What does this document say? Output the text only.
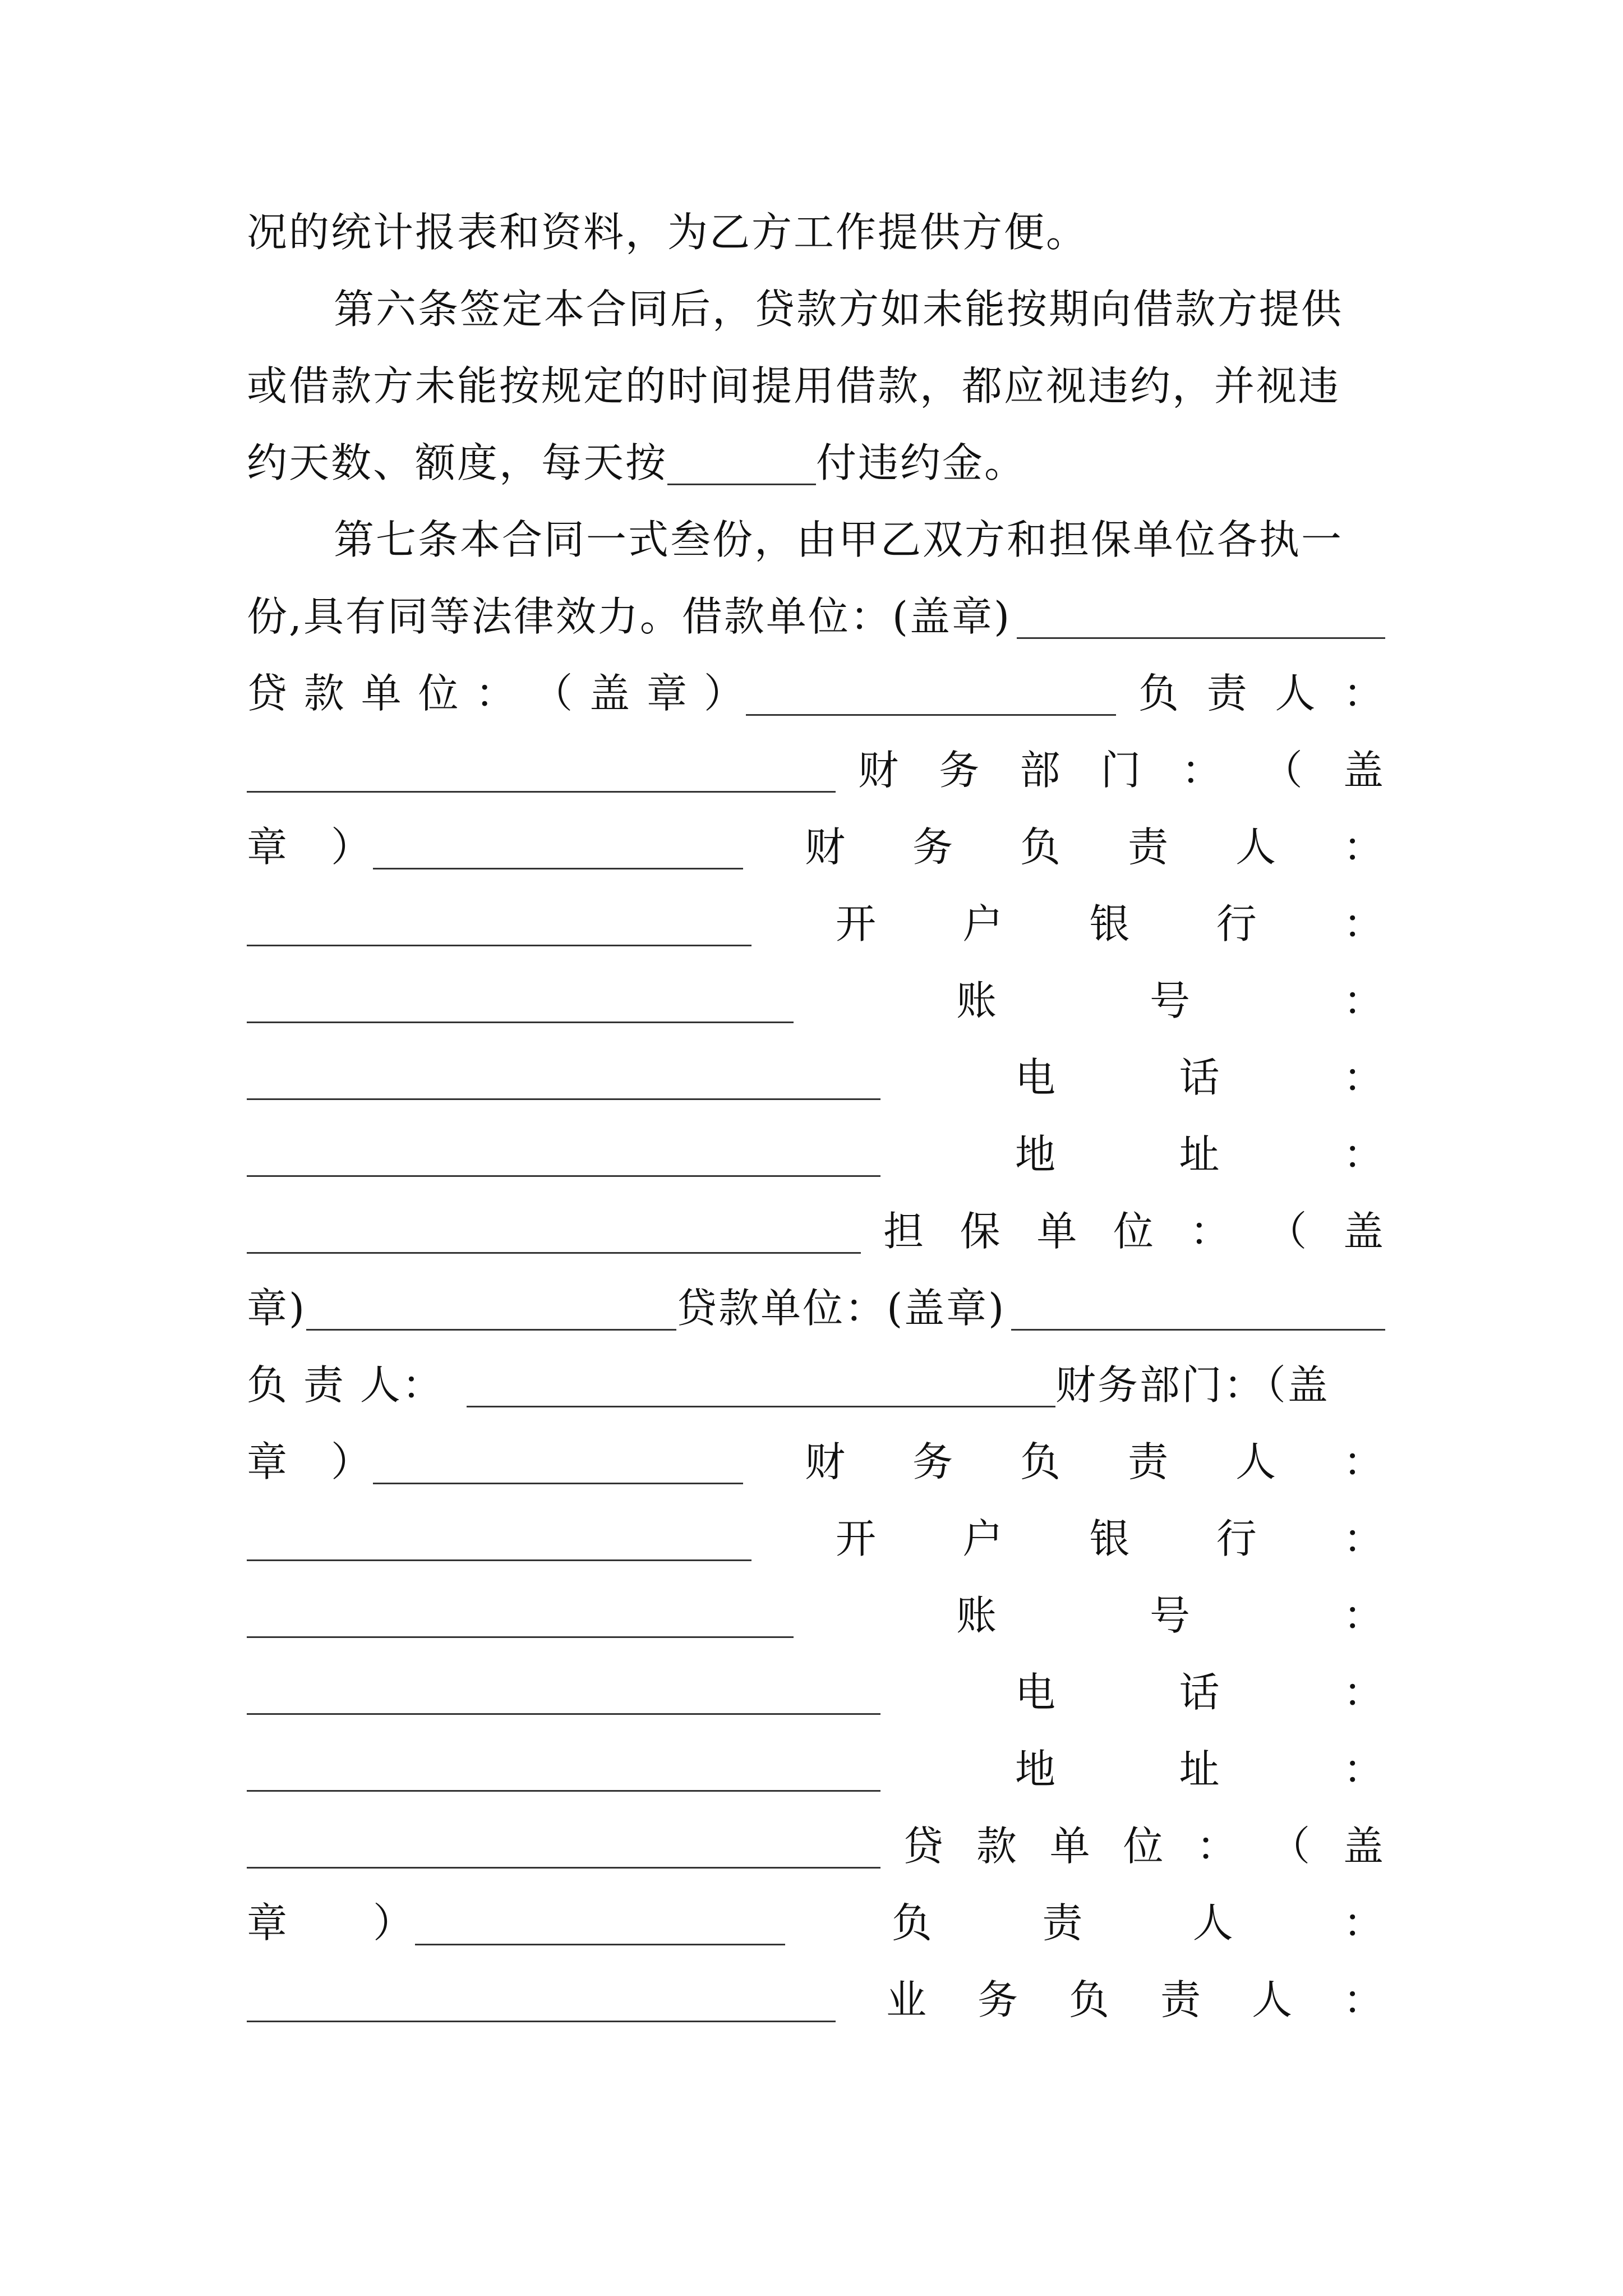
况的统计报表和资料，为乙方工作提供方便。
第六条签定本合同后，贷款方如未能按期向借款方提供
或借款方未能按规定的时间提用借款，都应视违约，并视违
约天数、额度，每天按	付违约金。
第七条本合同一式叁份，由甲乙双方和担保单位各执一
份,具有同等法律效力。借款单位：(盖章)
贷 款 单 位 ： （ 盖 章 ）	负 责 人 ：
财 务 部 门 ： （ 盖
章 ）	财 务 负 责 人 ：
开 户 银 行 ：
账	号	：
电	话	：
地	址	：
担 保 单 位 ： （ 盖
章)	贷款单位：(盖章)
负 责 人：	财务部门：（盖
章 ）	财 务 负 责 人 ：
开 户 银 行 ：
账	号	：
电	话	：
地	址	：
贷 款 单 位 ： （ 盖
章 ）	负	责	人	：
业 务 负 责 人 ：
